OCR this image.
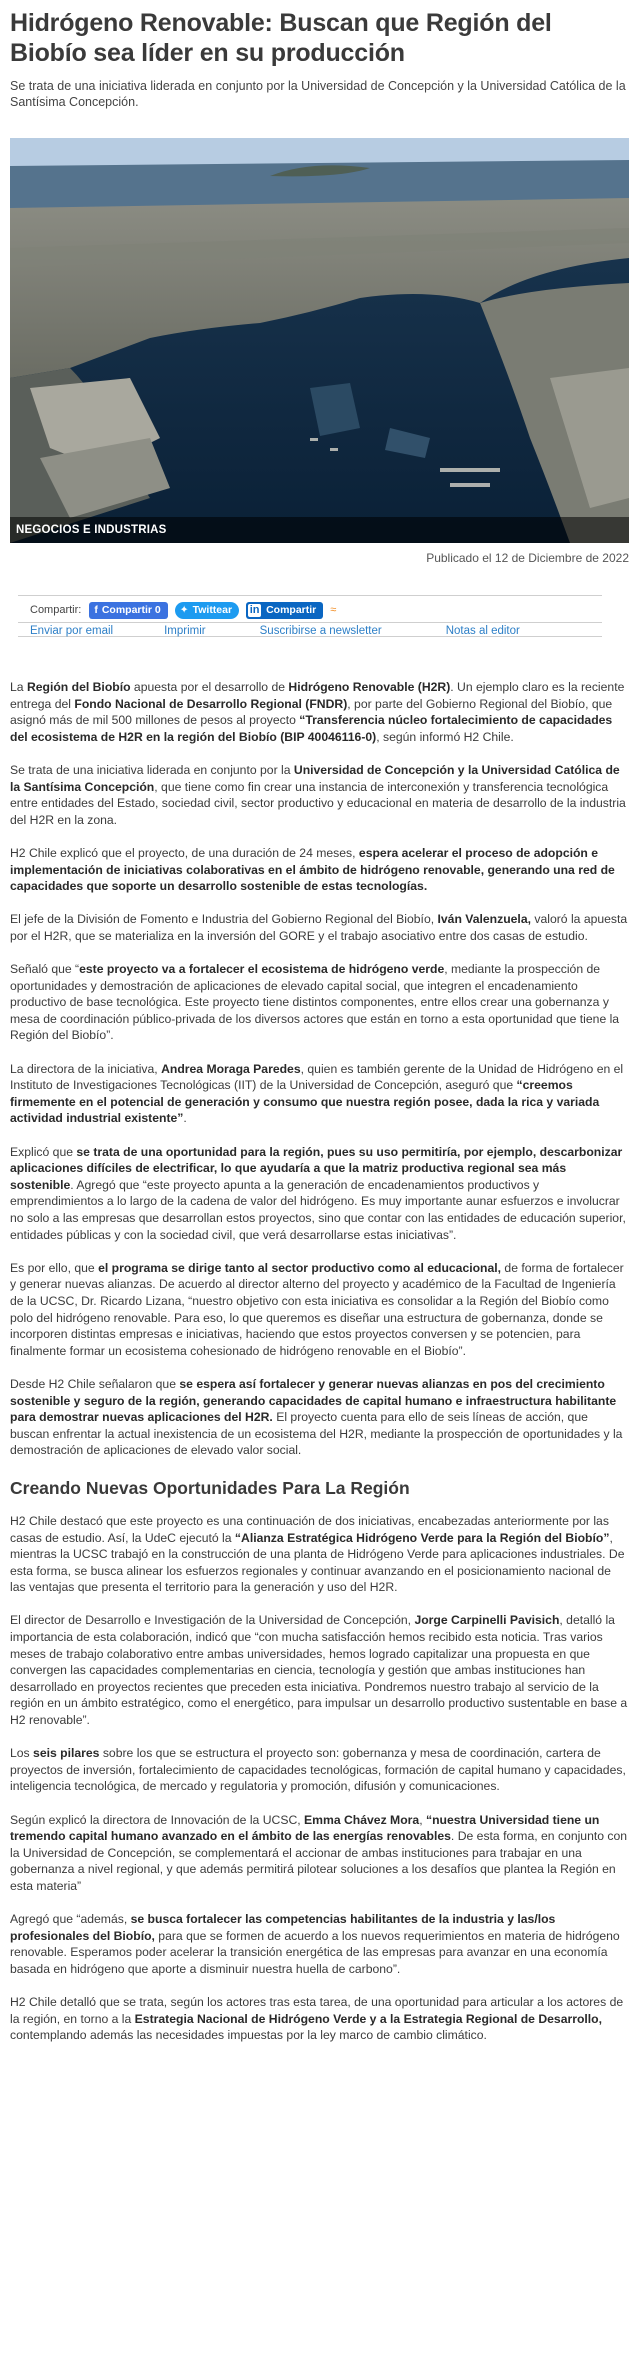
Hidrógeno Renovable: Buscan que Región del Biobío sea líder en su producción
Se trata de una iniciativa liderada en conjunto por la Universidad de Concepción y la Universidad Católica de la Santísima Concepción.
NEGOCIOS E INDUSTRIAS
Publicado el 12 de Diciembre de 2022
Compartir: f Compartir 0 ✦ Twittear in Compartir ≈
Enviar por email	Imprimir	Suscribirse a newsletter	Notas al editor

La Región del Biobío apuesta por el desarrollo de Hidrógeno Renovable (H2R). Un ejemplo claro es la reciente entrega del Fondo Nacional de Desarrollo Regional (FNDR), por parte del Gobierno Regional del Biobío, que asignó más de mil 500 millones de pesos al proyecto “Transferencia núcleo fortalecimiento de capacidades del ecosistema de H2R en la región del Biobío (BIP 40046116-0), según informó H2 Chile.

Se trata de una iniciativa liderada en conjunto por la Universidad de Concepción y la Universidad Católica de la Santísima Concepción, que tiene como fin crear una instancia de interconexión y transferencia tecnológica entre entidades del Estado, sociedad civil, sector productivo y educacional en materia de desarrollo de la industria del H2R en la zona.

H2 Chile explicó que el proyecto, de una duración de 24 meses, espera acelerar el proceso de adopción e implementación de iniciativas colaborativas en el ámbito de hidrógeno renovable, generando una red de capacidades que soporte un desarrollo sostenible de estas tecnologías.

El jefe de la División de Fomento e Industria del Gobierno Regional del Biobío, Iván Valenzuela, valoró la apuesta por el H2R, que se materializa en la inversión del GORE y el trabajo asociativo entre dos casas de estudio.

Señaló que “este proyecto va a fortalecer el ecosistema de hidrógeno verde, mediante la prospección de oportunidades y demostración de aplicaciones de elevado capital social, que integren el encadenamiento productivo de base tecnológica. Este proyecto tiene distintos componentes, entre ellos crear una gobernanza y mesa de coordinación público-privada de los diversos actores que están en torno a esta oportunidad que tiene la Región del Biobío”.

La directora de la iniciativa, Andrea Moraga Paredes, quien es también gerente de la Unidad de Hidrógeno en el Instituto de Investigaciones Tecnológicas (IIT) de la Universidad de Concepción, aseguró que “creemos firmemente en el potencial de generación y consumo que nuestra región posee, dada la rica y variada actividad industrial existente”.

Explicó que se trata de una oportunidad para la región, pues su uso permitiría, por ejemplo, descarbonizar aplicaciones difíciles de electrificar, lo que ayudaría a que la matriz productiva regional sea más sostenible. Agregó que “este proyecto apunta a la generación de encadenamientos productivos y emprendimientos a lo largo de la cadena de valor del hidrógeno. Es muy importante aunar esfuerzos e involucrar no solo a las empresas que desarrollan estos proyectos, sino que contar con las entidades de educación superior, entidades públicas y con la sociedad civil, que verá desarrollarse estas iniciativas”.

Es por ello, que el programa se dirige tanto al sector productivo como al educacional, de forma de fortalecer y generar nuevas alianzas. De acuerdo al director alterno del proyecto y académico de la Facultad de Ingeniería de la UCSC, Dr. Ricardo Lizana, “nuestro objetivo con esta iniciativa es consolidar a la Región del Biobío como polo del hidrógeno renovable. Para eso, lo que queremos es diseñar una estructura de gobernanza, donde se incorporen distintas empresas e iniciativas, haciendo que estos proyectos conversen y se potencien, para finalmente formar un ecosistema cohesionado de hidrógeno renovable en el Biobío”.

Desde H2 Chile señalaron que se espera así fortalecer y generar nuevas alianzas en pos del crecimiento sostenible y seguro de la región, generando capacidades de capital humano e infraestructura habilitante para demostrar nuevas aplicaciones del H2R. El proyecto cuenta para ello de seis líneas de acción, que buscan enfrentar la actual inexistencia de un ecosistema del H2R, mediante la prospección de oportunidades y la demostración de aplicaciones de elevado valor social.

Creando Nuevas Oportunidades Para La Región

H2 Chile destacó que este proyecto es una continuación de dos iniciativas, encabezadas anteriormente por las casas de estudio. Así, la UdeC ejecutó la “Alianza Estratégica Hidrógeno Verde para la Región del Biobío”, mientras la UCSC trabajó en la construcción de una planta de Hidrógeno Verde para aplicaciones industriales. De esta forma, se busca alinear los esfuerzos regionales y continuar avanzando en el posicionamiento nacional de las ventajas que presenta el territorio para la generación y uso del H2R.

El director de Desarrollo e Investigación de la Universidad de Concepción, Jorge Carpinelli Pavisich, detalló la importancia de esta colaboración, indicó que “con mucha satisfacción hemos recibido esta noticia. Tras varios meses de trabajo colaborativo entre ambas universidades, hemos logrado capitalizar una propuesta en que convergen las capacidades complementarias en ciencia, tecnología y gestión que ambas instituciones han desarrollado en proyectos recientes que preceden esta iniciativa. Pondremos nuestro trabajo al servicio de la región en un ámbito estratégico, como el energético, para impulsar un desarrollo productivo sustentable en base a H2 renovable”.

Los seis pilares sobre los que se estructura el proyecto son: gobernanza y mesa de coordinación, cartera de proyectos de inversión, fortalecimiento de capacidades tecnológicas, formación de capital humano y capacidades, inteligencia tecnológica, de mercado y regulatoria y promoción, difusión y comunicaciones.

Según explicó la directora de Innovación de la UCSC, Emma Chávez Mora, “nuestra Universidad tiene un tremendo capital humano avanzado en el ámbito de las energías renovables. De esta forma, en conjunto con la Universidad de Concepción, se complementará el accionar de ambas instituciones para trabajar en una gobernanza a nivel regional, y que además permitirá pilotear soluciones a los desafíos que plantea la Región en esta materia”

Agregó que “además, se busca fortalecer las competencias habilitantes de la industria y las/los profesionales del Biobío, para que se formen de acuerdo a los nuevos requerimientos en materia de hidrógeno renovable. Esperamos poder acelerar la transición energética de las empresas para avanzar en una economía basada en hidrógeno que aporte a disminuir nuestra huella de carbono”.

H2 Chile detalló que se trata, según los actores tras esta tarea, de una oportunidad para articular a los actores de la región, en torno a la Estrategia Nacional de Hidrógeno Verde y a la Estrategia Regional de Desarrollo, contemplando además las necesidades impuestas por la ley marco de cambio climático.
